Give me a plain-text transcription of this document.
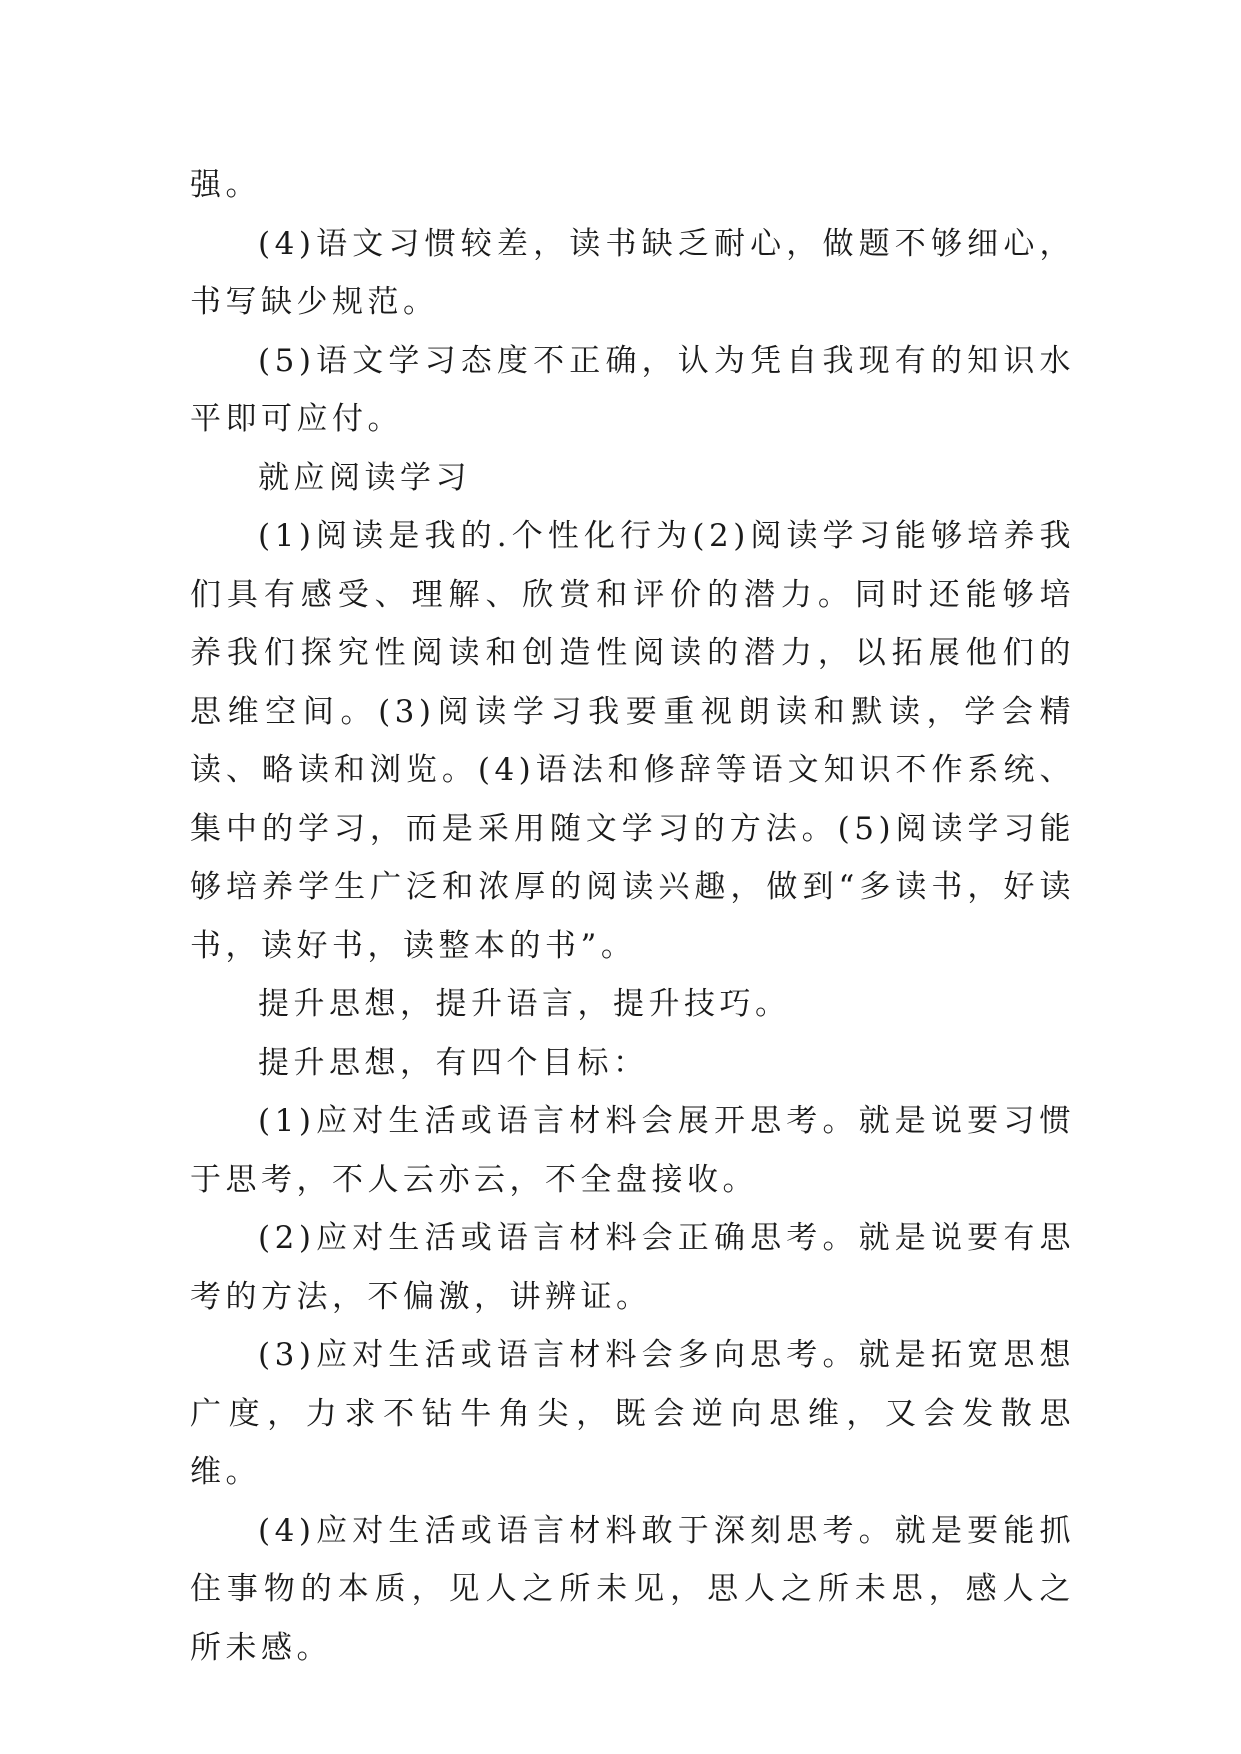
强。

(4)语文习惯较差，读书缺乏耐心，做题不够细心，书写缺少规范。

(5)语文学习态度不正确，认为凭自我现有的知识水平即可应付。

就应阅读学习

(1)阅读是我的.个性化行为(2)阅读学习能够培养我们具有感受、理解、欣赏和评价的潜力。同时还能够培养我们探究性阅读和创造性阅读的潜力，以拓展他们的思维空间。(3)阅读学习我要重视朗读和默读，学会精读、略读和浏览。(4)语法和修辞等语文知识不作系统、集中的学习，而是采用随文学习的方法。(5)阅读学习能够培养学生广泛和浓厚的阅读兴趣，做到“多读书，好读书，读好书，读整本的书”。

提升思想，提升语言，提升技巧。

提升思想，有四个目标：

(1)应对生活或语言材料会展开思考。就是说要习惯于思考，不人云亦云，不全盘接收。

(2)应对生活或语言材料会正确思考。就是说要有思考的方法，不偏激，讲辨证。

(3)应对生活或语言材料会多向思考。就是拓宽思想广度，力求不钻牛角尖，既会逆向思维，又会发散思维。

(4)应对生活或语言材料敢于深刻思考。就是要能抓住事物的本质，见人之所未见，思人之所未思，感人之所未感。
